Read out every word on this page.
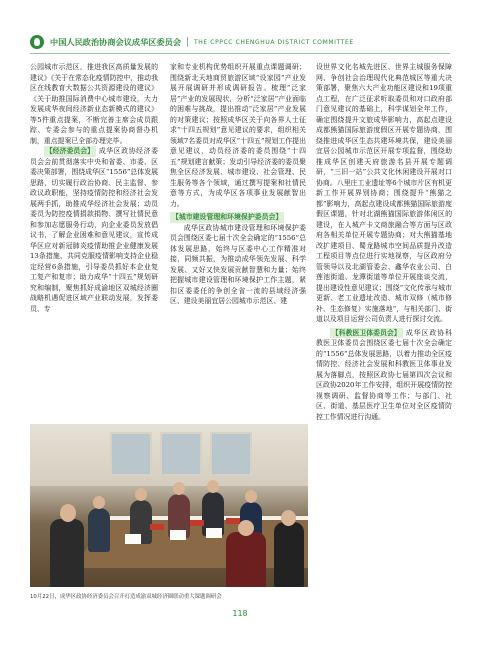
中国人民政治协商会议成华区委员会 THE CPPCC CHENGHUA DISTRICT COMMITTEE

公园城市示范区，推进我区高质量发展的建议》《关于在常态化疫情防控中，推动我区在线教育大数据公共资源建设的建议》《关于助推国际消费中心城市建设，大力发展成华夜间经济新业态新模式的建议》等5件重点提案，不断完善主席会成员跟踪、专委会参与的重点提案协商督办机制，重点提案已全部办理完毕。

【经济委员会】 成华区政协经济委员会会前贯彻落实中央和省委、市委、区委决策部署，围绕成华区“1556”总体发展思路，切实履行政治协商、民主监督、参政议政职能，坚持疫情防控和经济社会发展两手抓，助推成华经济社会发展；动员委员为防控疫情捐款捐物、撰写社情民意和参加志愿服务行动，向企业委员发放倡议书，了解企业困难和意见建议，宣传成华区应对新冠肺炎疫情助推企业健康发展13条措施、共同克服疫情影响支持企业稳定经营6条措施，引导委员抓好本企业复工复产和复市；助力成华“十四五”规划研究和编制，聚焦抓好成渝地区双城经济圈战略机遇促进区域产业联动发展，发挥委员、专

家和专业机构优势组织开展重点课题调研；围绕新北天地商贸旅游区域“设家园”产业发展开展调研并形成调研报告。梳理“泛家居”产业的发展现状，分析“泛家居”产业面临的困难与挑战，提出推动“泛家居”产业发展的对策建议；按照成华区关于向各界人士征求“十四五规划”意见建议的要求，组织相关领域7名委员对成华区“十四五”规划工作提出意见建议，动员经济委的委员围绕“十四五”规划建言献策；发动引导经济委的委员聚焦全区经济发展、城市建设、社会管理、民生服务等各个领域，通过撰写提案和社情民意等方式，为成华区各项事业发展献智出力。

【城市建设管理和环境保护委员会】

成华区政协城市建设管理和环境保护委员会围绕区委七届十次全会确定的“1556”总体发展思路，始终与区委中心工作精准对接，同频共振，为推动成华领先发展、科学发展、又好又快发展贡献智慧和力量；始终把握城市建设管理和环境保护工作主题，紧扣区委委任的争创全省一流的县域经济强区、建设美丽宜居公园城市示范区、建

设世界文化名城先进区、世界主城服务保障网、争创社会治理现代化典范城区等重大决策部署，聚焦六大产业功能区建设和19项重点工程，在广泛征求听取委员和对口政府部门意见建议的基础上，科学谋划全年工作，确定围绕提升文旅成华影响力，高起点建设成都熊猫国际旅游度假区开展专题协商，围绕推进成华区生态共建环境共保，建设美丽宜居公园城市示范区开展专项监督，围绕助推成华区创建天府旅游名县开展专题调研，“三旧一站”公共文化休闲建设开展对口协商。八里庄工业遗址等6个城市片区有机更新工作开展界别协商；围绕提升“熊猫之都”影响力，高起点建设成都熊猫国际旅游度假区课题，针对北湖熊猫国际旅游体闲区的建设，在人城产卡文商旅融合等方面与区政府各相关单位开展专题协商；对大熊猫基地改扩建项目、蜀龙路城市空间品质提升改造工程项目等点位进行实地视察，与区政府分管领导以及北湖管委会、鑫华农业公司、白莲池街道、龙潭街道等单位开展座谈交流，提出建设性意见建议；围绕“文化传承与城市更新、老工业遗址改造、城市双修（城市修补、生态修复）实施落地”，与相关部门、街道以及项目运营公司负责人进行探讨交流。

【科教医卫体委员会】 成华区政协科教医卫体委员会围绕区委七届十次全会确定的“1556”总体发展思路，以着力推动全区疫情防控、经济社会发展和科教医卫体事业发展为落脚点，按照区政协七届第四次会议和区政协2020年工作安排，组织开展疫情防控视察调研、监督协商等工作；与部门、社区、街道、基层医疗卫生单位对全区疫情防控工作情况进行沟通。

10月22日，成华区政协经济委员会召开打造成渝双城经济圈联动重大课题调研会
118
